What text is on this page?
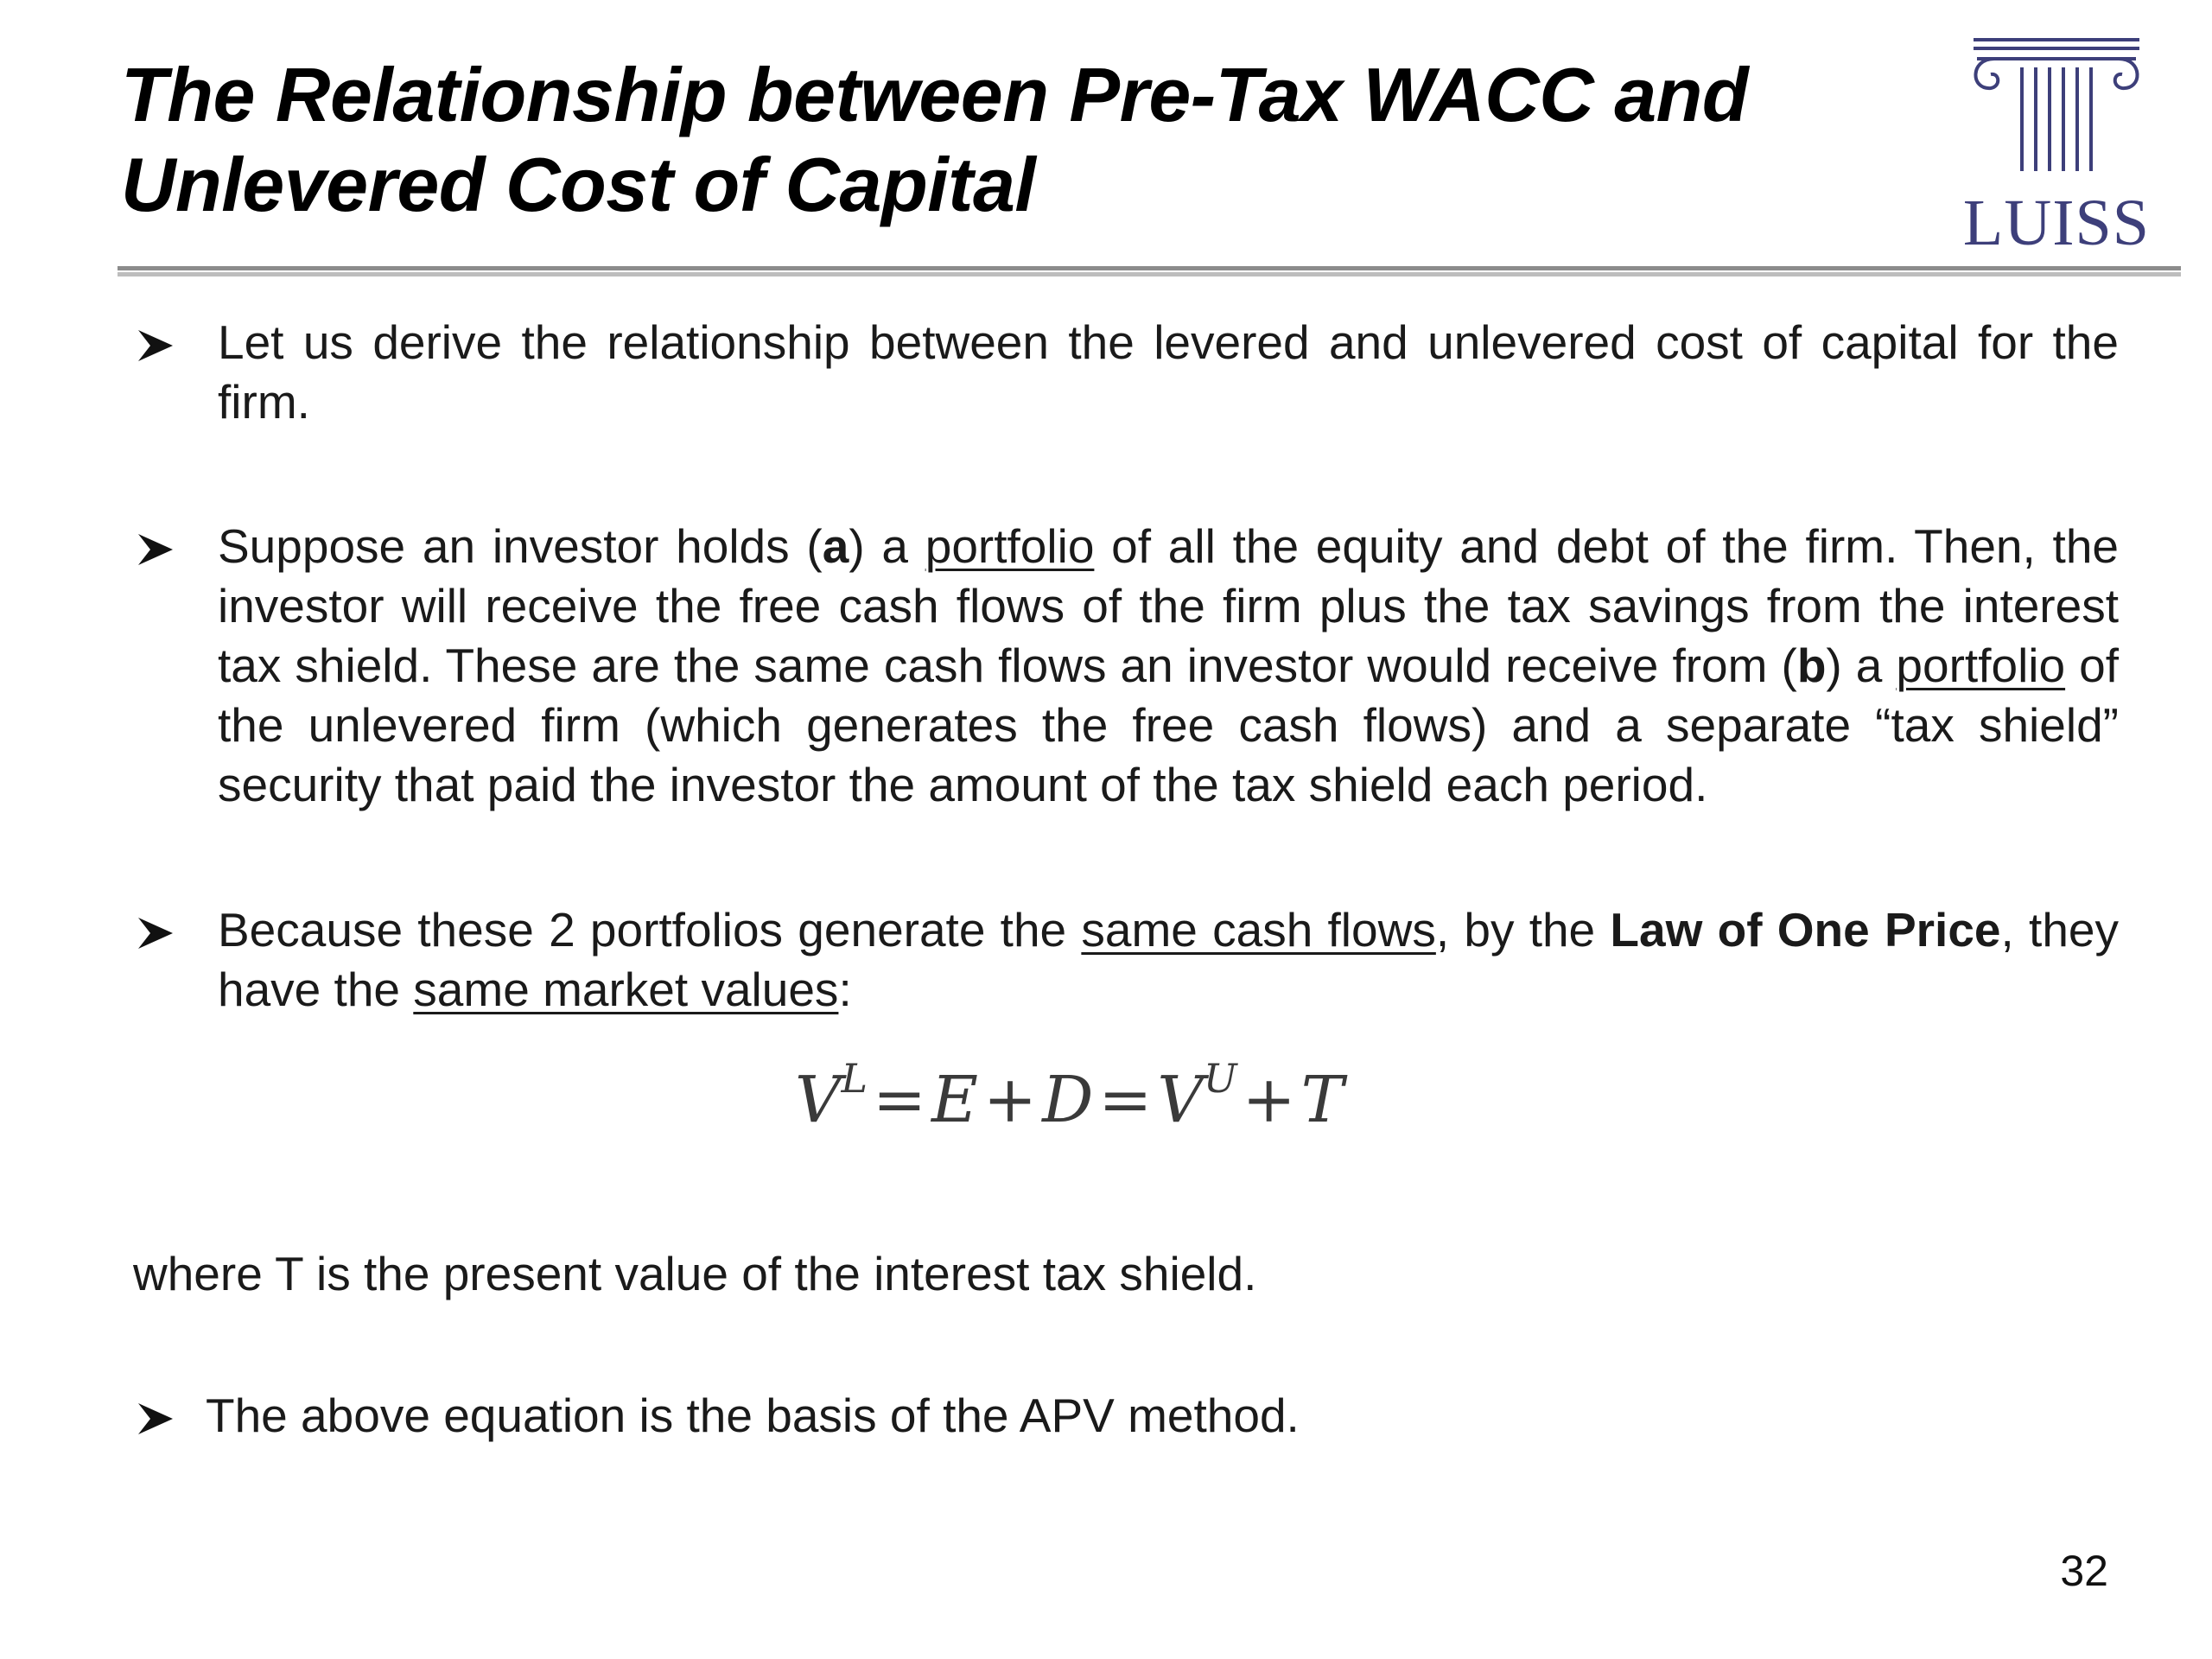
The Relationship between Pre-Tax WACC and
Unlevered Cost of Capital	LUISS
Let us derive the relationship between the levered and unlevered cost of capital for the firm.
Suppose an investor holds (a) a portfolio of all the equity and debt of the firm. Then, the investor will receive the free cash flows of the firm plus the tax savings from the interest tax shield. These are the same cash flows an investor would receive from (b) a portfolio of the unlevered firm (which generates the free cash flows) and a separate “tax shield” security that paid the investor the amount of the tax shield each period.
Because these 2 portfolios generate the same cash flows, by the Law of One Price, they have the same market values:
$V^L=E+D=V^U+T$
where T is the present value of the interest tax shield.
The above equation is the basis of the APV method.
32
